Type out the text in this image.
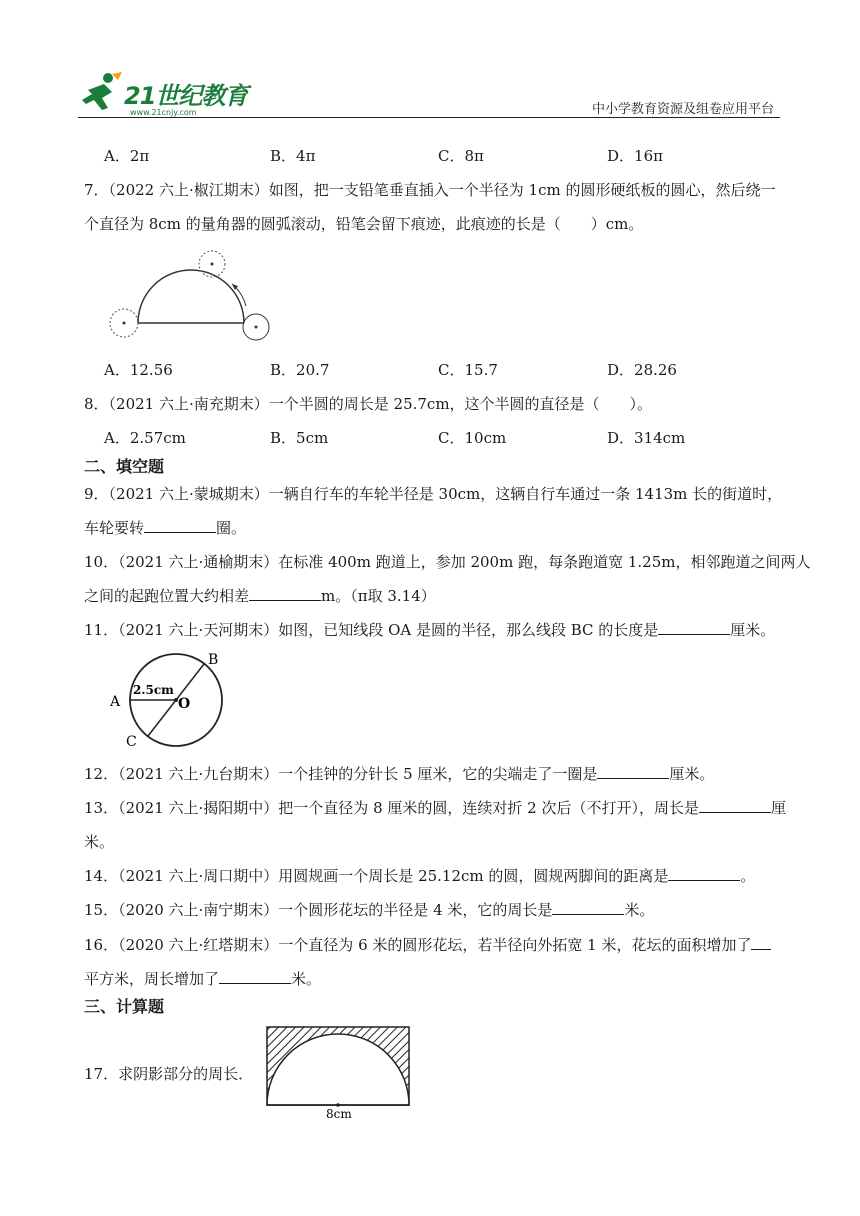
21世纪教育
www.21cnjy.com	中小学教育资源及组卷应用平台
A．2π	B．4π	C．8π	D．16π
7．（2022 六上·椒江期末）如图，把一支铅笔垂直插入一个半径为 1cm 的圆形硬纸板的圆心，然后绕一
个直径为 8cm 的量角器的圆弧滚动，铅笔会留下痕迹，此痕迹的长是（　　）cm。
A．12.56	B．20.7	C．15.7	D．28.26
8．（2021 六上·南充期末）一个半圆的周长是 25.7cm，这个半圆的直径是（　　）。
A．2.57cm	B．5cm	C．10cm	D．314cm
二、填空题
9．（2021 六上·蒙城期末）一辆自行车的车轮半径是 30cm，这辆自行车通过一条 1413m 长的街道时，
车轮要转	圈。
10．（2021 六上·通榆期末）在标准 400m 跑道上，参加 200m 跑，每条跑道宽 1.25m，相邻跑道之间两人
之间的起跑位置大约相差	m。（π取 3.14）
11．（2021 六上·天河期末）如图，已知线段 OA 是圆的半径，那么线段 BC 的长度是	厘米。
A
B
C
O
2.5cm
12．（2021 六上·九台期末）一个挂钟的分针长 5 厘米，它的尖端走了一圈是	厘米。
13．（2021 六上·揭阳期中）把一个直径为 8 厘米的圆，连续对折 2 次后（不打开），周长是	厘
米。
14．（2021 六上·周口期中）用圆规画一个周长是 25.12cm 的圆，圆规两脚间的距离是	。
15．（2020 六上·南宁期末）一个圆形花坛的半径是 4 米，它的周长是	米。
16．（2020 六上·红塔期末）一个直径为 6 米的圆形花坛，若半径向外拓宽 1 米，花坛的面积增加了
平方米，周长增加了	米。
三、计算题
17．求阴影部分的周长．
8cm
